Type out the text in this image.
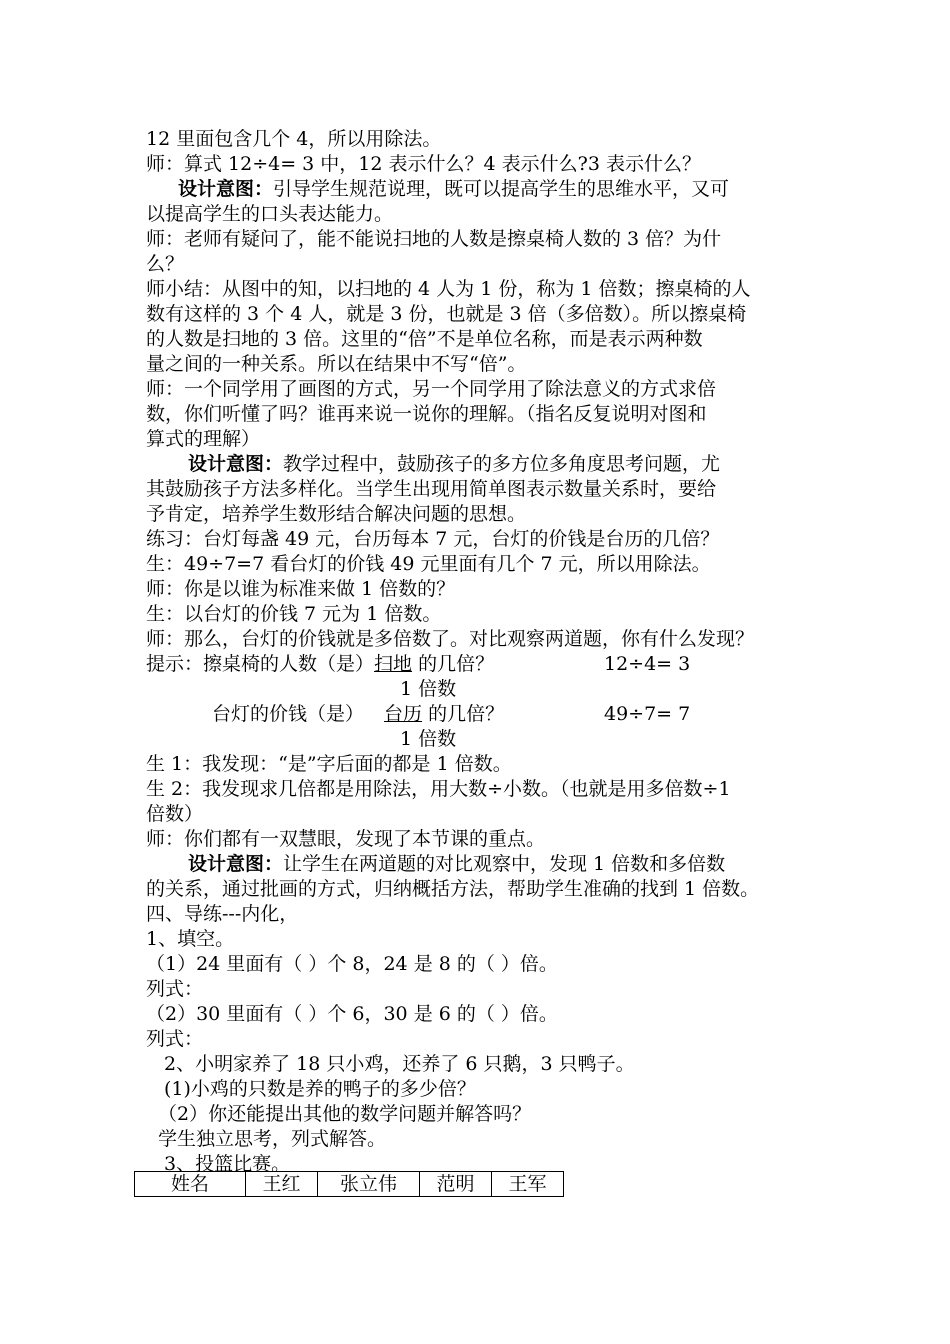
12 里面包含几个 4，所以用除法。

师：算式 12÷4= 3 中，12 表示什么？4 表示什么?3 表示什么？

设计意图：引导学生规范说理，既可以提高学生的思维水平，又可

以提高学生的口头表达能力。

师：老师有疑问了，能不能说扫地的人数是擦桌椅人数的 3 倍？为什

么？

师小结：从图中的知，以扫地的 4 人为 1 份，称为 1 倍数；擦桌椅的人

数有这样的 3 个 4 人，就是 3 份，也就是 3 倍（多倍数）。所以擦桌椅

的人数是扫地的 3 倍。这里的“倍”不是单位名称，而是表示两种数

量之间的一种关系。所以在结果中不写“倍”。

师：一个同学用了画图的方式，另一个同学用了除法意义的方式求倍

数，你们听懂了吗？谁再来说一说你的理解。（指名反复说明对图和

算式的理解）

设计意图：教学过程中，鼓励孩子的多方位多角度思考问题，尤

其鼓励孩子方法多样化。当学生出现用简单图表示数量关系时，要给

予肯定，培养学生数形结合解决问题的思想。

练习：台灯每盏 49 元，台历每本 7 元，台灯的价钱是台历的几倍？

生：49÷7=7 看台灯的价钱 49 元里面有几个 7 元，所以用除法。

师：你是以谁为标准来做 1 倍数的？

生：以台灯的价钱 7 元为 1 倍数。

师：那么，台灯的价钱就是多倍数了。对比观察两道题，你有什么发现？

提示：擦桌椅的人数（是）扫地 的几倍？	12÷4= 3

1 倍数

台灯的价钱（是） 台历 的几倍？	49÷7= 7

1 倍数

生 1：我发现：“是”字后面的都是 1 倍数。

生 2：我发现求几倍都是用除法，用大数÷小数。（也就是用多倍数÷1

倍数）

师：你们都有一双慧眼，发现了本节课的重点。

设计意图：让学生在两道题的对比观察中，发现 1 倍数和多倍数

的关系，通过批画的方式，归纳概括方法，帮助学生准确的找到 1 倍数。

四、导练---内化，

1、填空。

（1）24 里面有（ ）个 8，24 是 8 的（ ）倍。

列式：

（2）30 里面有（ ）个 6，30 是 6 的（ ）倍。

列式：

2、小明家养了 18 只小鸡，还养了 6 只鹅，3 只鸭子。

(1)小鸡的只数是养的鸭子的多少倍？

（2）你还能提出其他的数学问题并解答吗？

学生独立思考，列式解答。

3、投篮比赛。

姓名	王红	张立伟	范明	王军
